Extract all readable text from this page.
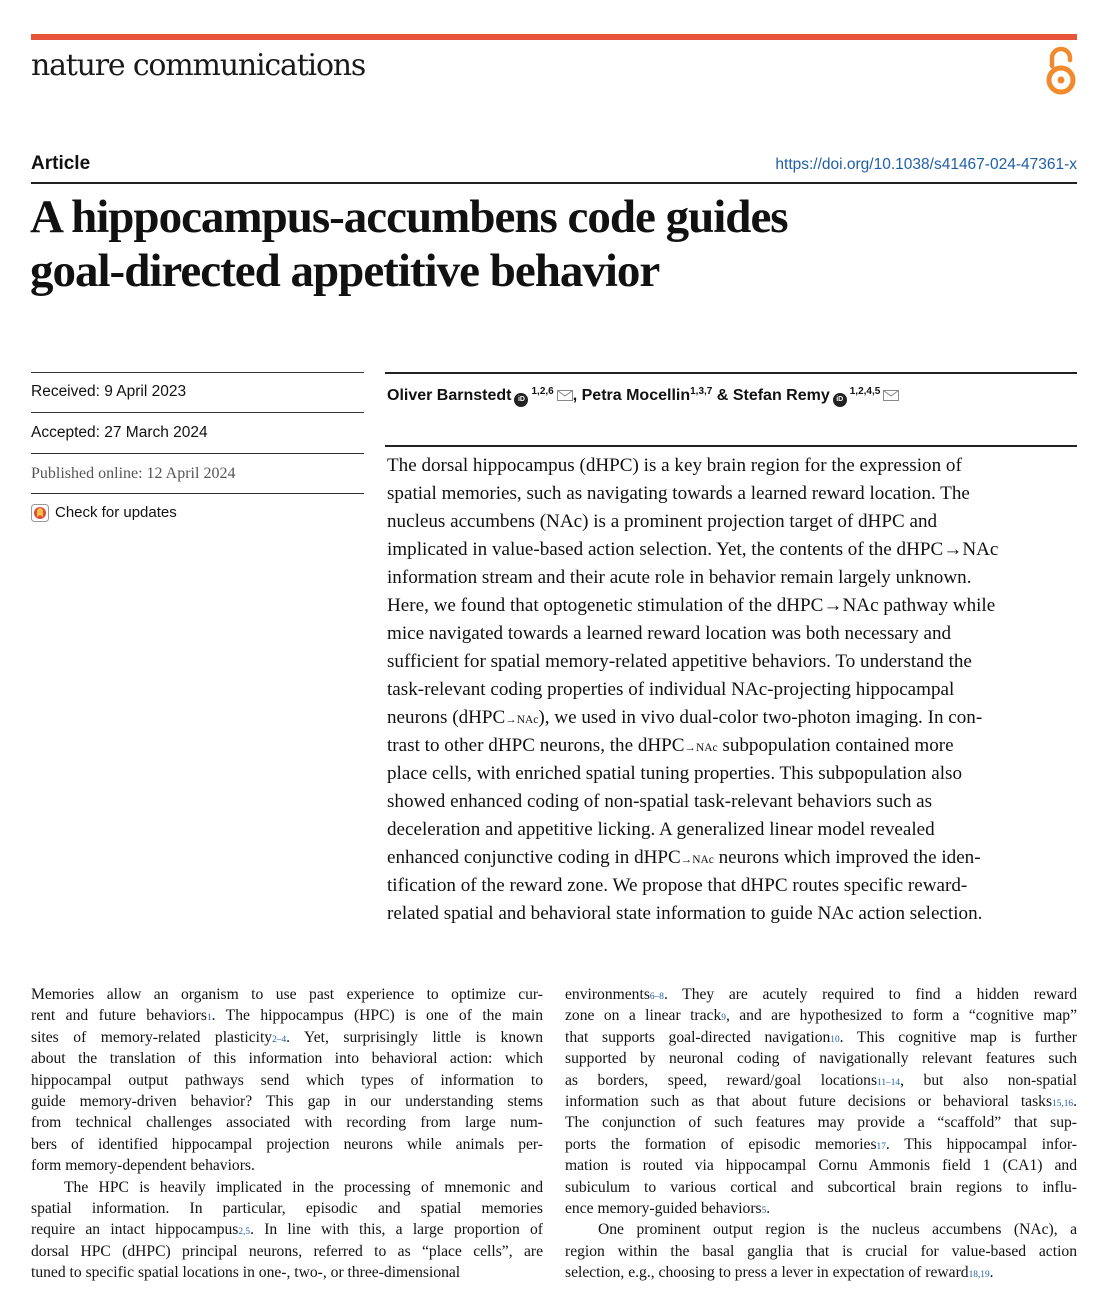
nature communications
Article	https://doi.org/10.1038/s41467-024-47361-x
A hippocampus-accumbens code guides
goal-directed appetitive behavior
Received: 9 April 2023
Accepted: 27 March 2024
Published online: 12 April 2024
Check for updates
Oliver Barnstedt iD$^{1,2,6}$ , Petra Mocellin$^{1,3,7}$ & Stefan Remy iD$^{1,2,4,5}$
The dorsal hippocampus (dHPC) is a key brain region for the expression of
spatial memories, such as navigating towards a learned reward location. The
nucleus accumbens (NAc) is a prominent projection target of dHPC and
implicated in value-based action selection. Yet, the contents of the dHPC→NAc
information stream and their acute role in behavior remain largely unknown.
Here, we found that optogenetic stimulation of the dHPC→NAc pathway while
mice navigated towards a learned reward location was both necessary and
sufficient for spatial memory-related appetitive behaviors. To understand the
task-relevant coding properties of individual NAc-projecting hippocampal
neurons (dHPC$^{\to NAc}$), we used in vivo dual-color two-photon imaging. In con-
trast to other dHPC neurons, the dHPC$^{\to NAc}$ subpopulation contained more
place cells, with enriched spatial tuning properties. This subpopulation also
showed enhanced coding of non-spatial task-relevant behaviors such as
deceleration and appetitive licking. A generalized linear model revealed
enhanced conjunctive coding in dHPC$^{\to NAc}$ neurons which improved the iden-
tification of the reward zone. We propose that dHPC routes specific reward-
related spatial and behavioral state information to guide NAc action selection.
Memories allow an organism to use past experience to optimize cur-
rent and future behaviors$^1$. The hippocampus (HPC) is one of the main
sites of memory-related plasticity$^{2-4}$. Yet, surprisingly little is known
about the translation of this information into behavioral action: which
hippocampal output pathways send which types of information to
guide memory-driven behavior? This gap in our understanding stems
from technical challenges associated with recording from large num-
bers of identified hippocampal projection neurons while animals per-
form memory-dependent behaviors.
The HPC is heavily implicated in the processing of mnemonic and
spatial information. In particular, episodic and spatial memories
require an intact hippocampus$^{2,5}$. In line with this, a large proportion of
dorsal HPC (dHPC) principal neurons, referred to as “place cells”, are
tuned to specific spatial locations in one-, two-, or three-dimensional
environments$^{6-8}$. They are acutely required to find a hidden reward
zone on a linear track$^9$, and are hypothesized to form a “cognitive map”
that supports goal-directed navigation$^{10}$. This cognitive map is further
supported by neuronal coding of navigationally relevant features such
as borders, speed, reward/goal locations$^{11-14}$, but also non-spatial
information such as that about future decisions or behavioral tasks$^{15,16}$.
The conjunction of such features may provide a “scaffold” that sup-
ports the formation of episodic memories$^{17}$. This hippocampal infor-
mation is routed via hippocampal Cornu Ammonis field 1 (CA1) and
subiculum to various cortical and subcortical brain regions to influ-
ence memory-guided behaviors$^5$.
One prominent output region is the nucleus accumbens (NAc), a
region within the basal ganglia that is crucial for value-based action
selection, e.g., choosing to press a lever in expectation of reward$^{18,19}$.
